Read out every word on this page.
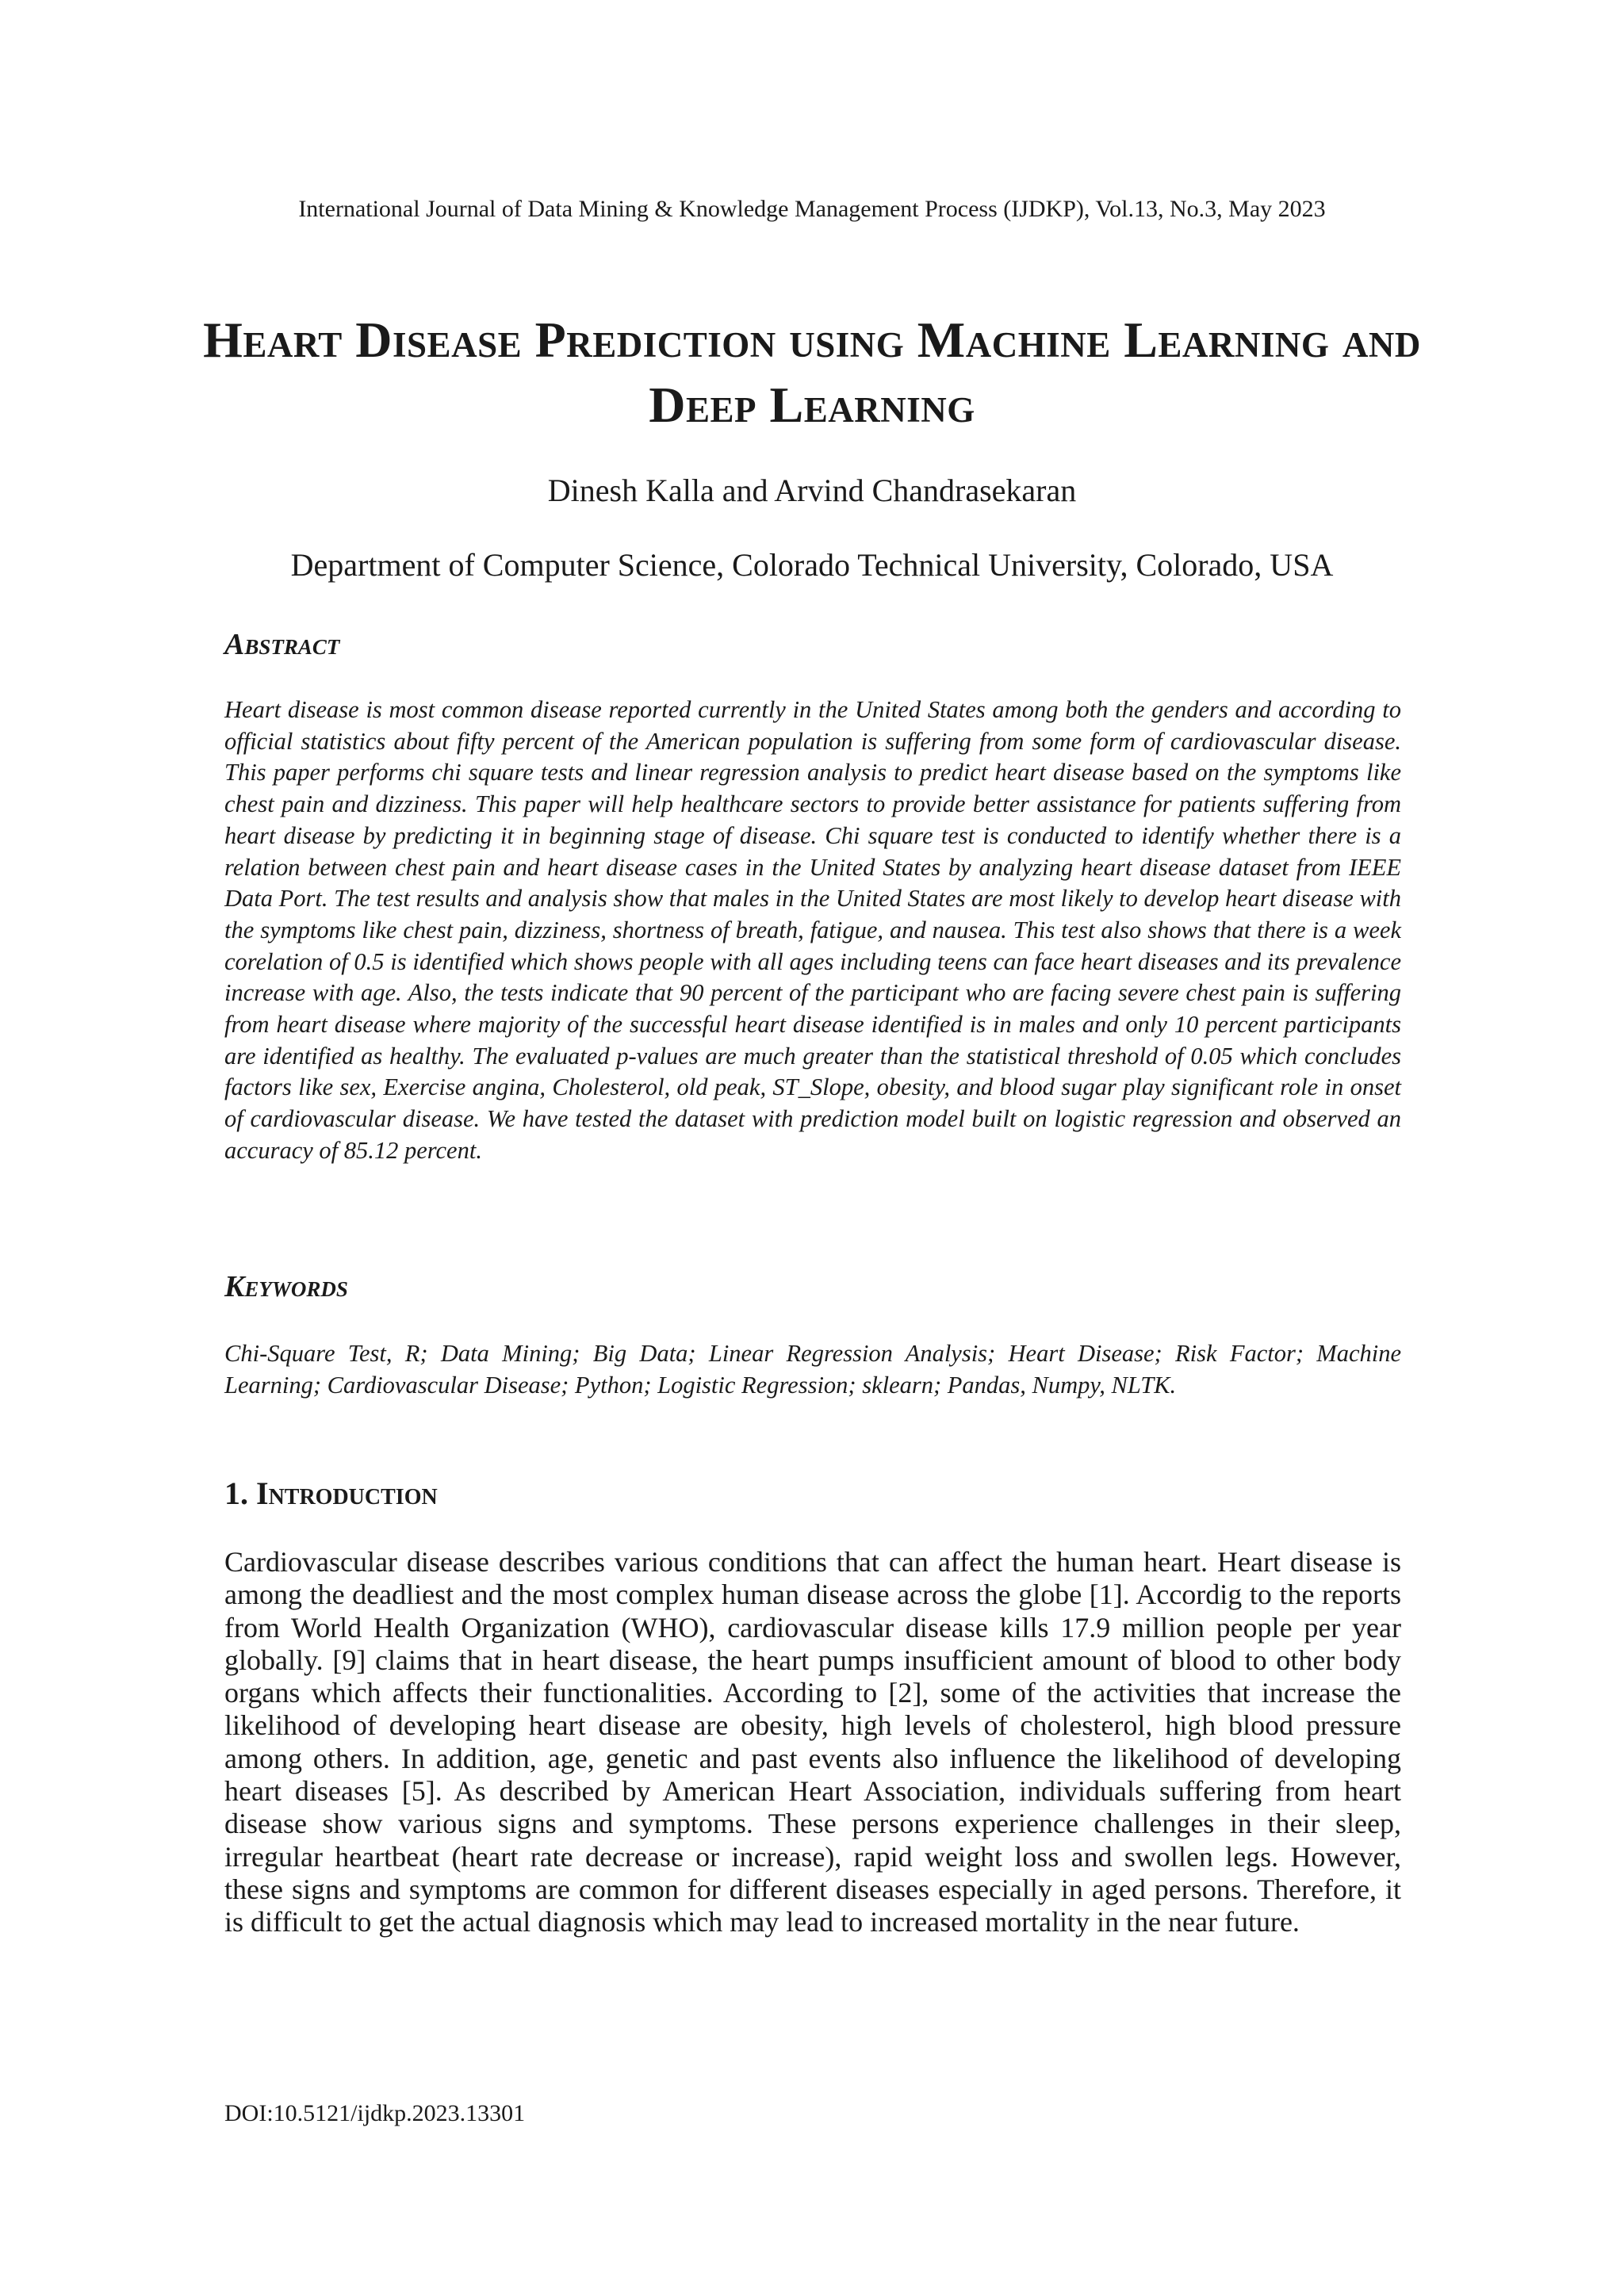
International Journal of Data Mining & Knowledge Management Process (IJDKP), Vol.13, No.3, May 2023
Heart Disease Prediction using Machine Learning and Deep Learning
Dinesh Kalla and Arvind Chandrasekaran
Department of Computer Science, Colorado Technical University, Colorado, USA
Abstract
Heart disease is most common disease reported currently in the United States among both the genders and according to official statistics about fifty percent of the American population is suffering from some form of cardiovascular disease. This paper performs chi square tests and linear regression analysis to predict heart disease based on the symptoms like chest pain and dizziness. This paper will help healthcare sectors to provide better assistance for patients suffering from heart disease by predicting it in beginning stage of disease. Chi square test is conducted to identify whether there is a relation between chest pain and heart disease cases in the United States by analyzing heart disease dataset from IEEE Data Port. The test results and analysis show that males in the United States are most likely to develop heart disease with the symptoms like chest pain, dizziness, shortness of breath, fatigue, and nausea. This test also shows that there is a week corelation of 0.5 is identified which shows people with all ages including teens can face heart diseases and its prevalence increase with age. Also, the tests indicate that 90 percent of the participant who are facing severe chest pain is suffering from heart disease where majority of the successful heart disease identified is in males and only 10 percent participants are identified as healthy. The evaluated p-values are much greater than the statistical threshold of 0.05 which concludes factors like sex, Exercise angina, Cholesterol, old peak, ST_Slope, obesity, and blood sugar play significant role in onset of cardiovascular disease. We have tested the dataset with prediction model built on logistic regression and observed an accuracy of 85.12 percent.
Keywords
Chi-Square Test, R; Data Mining; Big Data; Linear Regression Analysis; Heart Disease; Risk Factor; Machine Learning; Cardiovascular Disease; Python; Logistic Regression; sklearn; Pandas, Numpy, NLTK.
1. Introduction
Cardiovascular disease describes various conditions that can affect the human heart. Heart disease is among the deadliest and the most complex human disease across the globe [1]. Accordig to the reports from World Health Organization (WHO), cardiovascular disease kills 17.9 million people per year globally. [9] claims that in heart disease, the heart pumps insufficient amount of blood to other body organs which affects their functionalities. According to [2], some of the activities that increase the likelihood of developing heart disease are obesity, high levels of cholesterol, high blood pressure among others. In addition, age, genetic and past events also influence the likelihood of developing heart diseases [5]. As described by American Heart Association, individuals suffering from heart disease show various signs and symptoms. These persons experience challenges in their sleep, irregular heartbeat (heart rate decrease or increase), rapid weight loss and swollen legs. However, these signs and symptoms are common for different diseases especially in aged persons. Therefore, it is difficult to get the actual diagnosis which may lead to increased mortality in the near future.
DOI:10.5121/ijdkp.2023.13301
